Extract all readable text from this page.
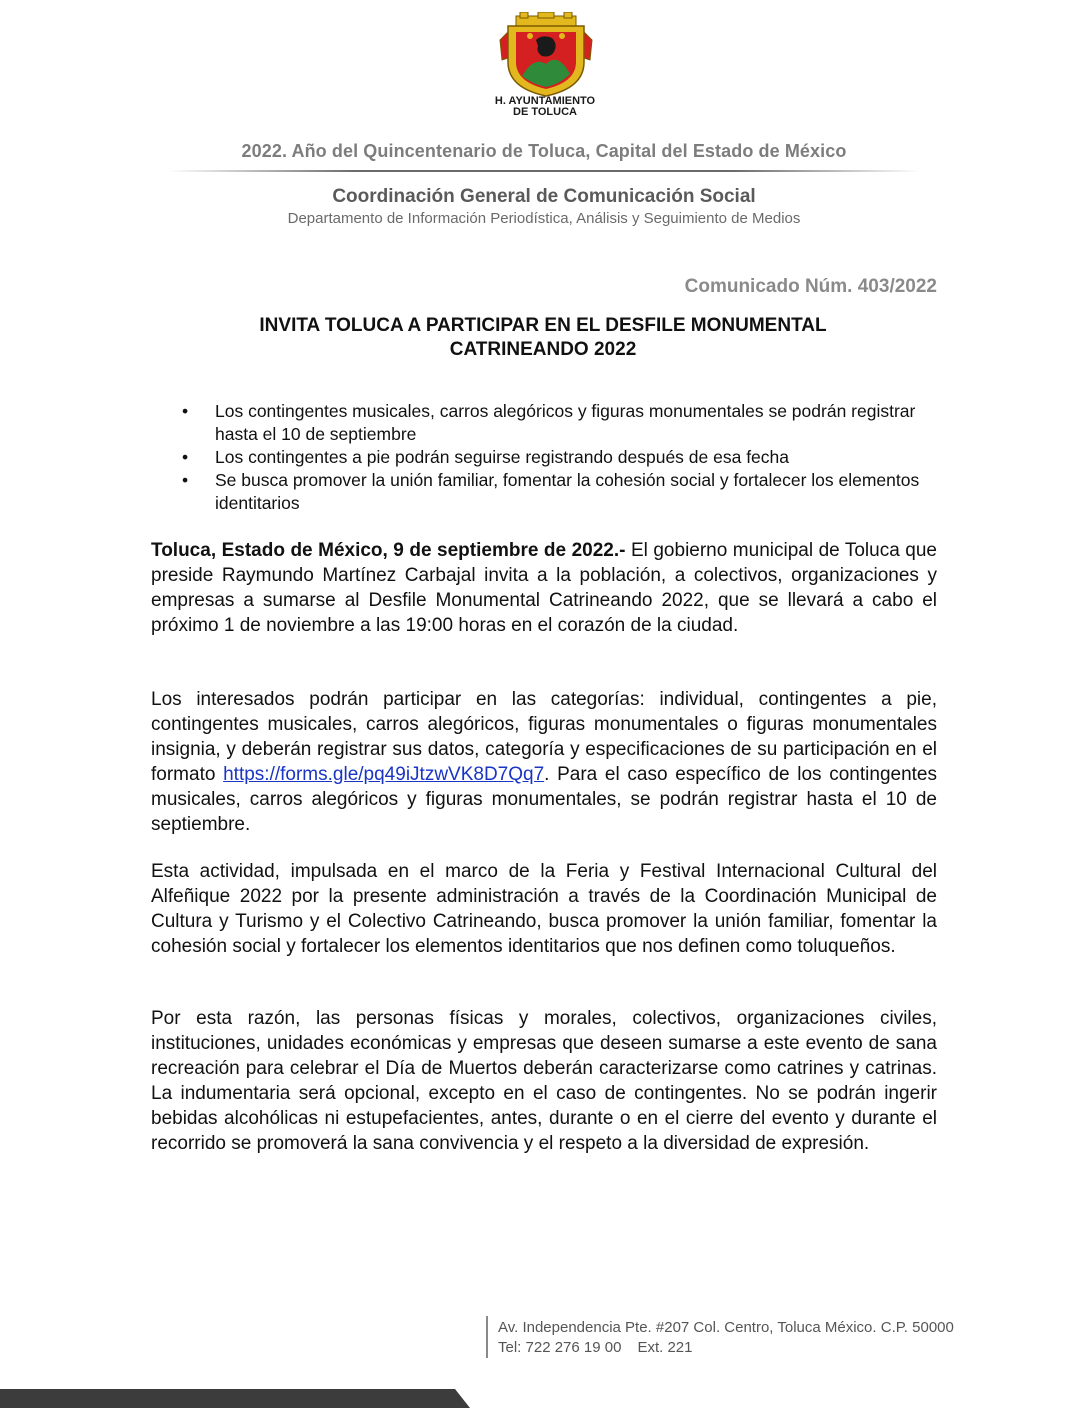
H. AYUNTAMIENTO
DE TOLUCA
2022. Año del Quincentenario de Toluca, Capital del Estado de México
Coordinación General de Comunicación Social
Departamento de Información Periodística, Análisis y Seguimiento de Medios
Comunicado Núm. 403/2022
INVITA TOLUCA A PARTICIPAR EN EL DESFILE MONUMENTAL
CATRINEANDO 2022
• Los contingentes musicales, carros alegóricos y figuras monumentales se podrán registrar hasta el 10 de septiembre
• Los contingentes a pie podrán seguirse registrando después de esa fecha
• Se busca promover la unión familiar, fomentar la cohesión social y fortalecer los elementos identitarios

Toluca, Estado de México, 9 de septiembre de 2022.- El gobierno municipal de Toluca que preside Raymundo Martínez Carbajal invita a la población, a colectivos, organizaciones y empresas a sumarse al Desfile Monumental Catrineando 2022, que se llevará a cabo el próximo 1 de noviembre a las 19:00 horas en el corazón de la ciudad.

Los interesados podrán participar en las categorías: individual, contingentes a pie, contingentes musicales, carros alegóricos, figuras monumentales o figuras monumentales insignia, y deberán registrar sus datos, categoría y especificaciones de su participación en el formato https://forms.gle/pq49iJtzwVK8D7Qq7. Para el caso específico de los contingentes musicales, carros alegóricos y figuras monumentales, se podrán registrar hasta el 10 de septiembre.

Esta actividad, impulsada en el marco de la Feria y Festival Internacional Cultural del Alfeñique 2022 por la presente administración a través de la Coordinación Municipal de Cultura y Turismo y el Colectivo Catrineando, busca promover la unión familiar, fomentar la cohesión social y fortalecer los elementos identitarios que nos definen como toluqueños.

Por esta razón, las personas físicas y morales, colectivos, organizaciones civiles, instituciones, unidades económicas y empresas que deseen sumarse a este evento de sana recreación para celebrar el Día de Muertos deberán caracterizarse como catrines y catrinas. La indumentaria será opcional, excepto en el caso de contingentes. No se podrán ingerir bebidas alcohólicas ni estupefacientes, antes, durante o en el cierre del evento y durante el recorrido se promoverá la sana convivencia y el respeto a la diversidad de expresión.

Av. Independencia Pte. #207 Col. Centro, Toluca México. C.P. 50000
Tel: 722 276 19 00 Ext. 221
